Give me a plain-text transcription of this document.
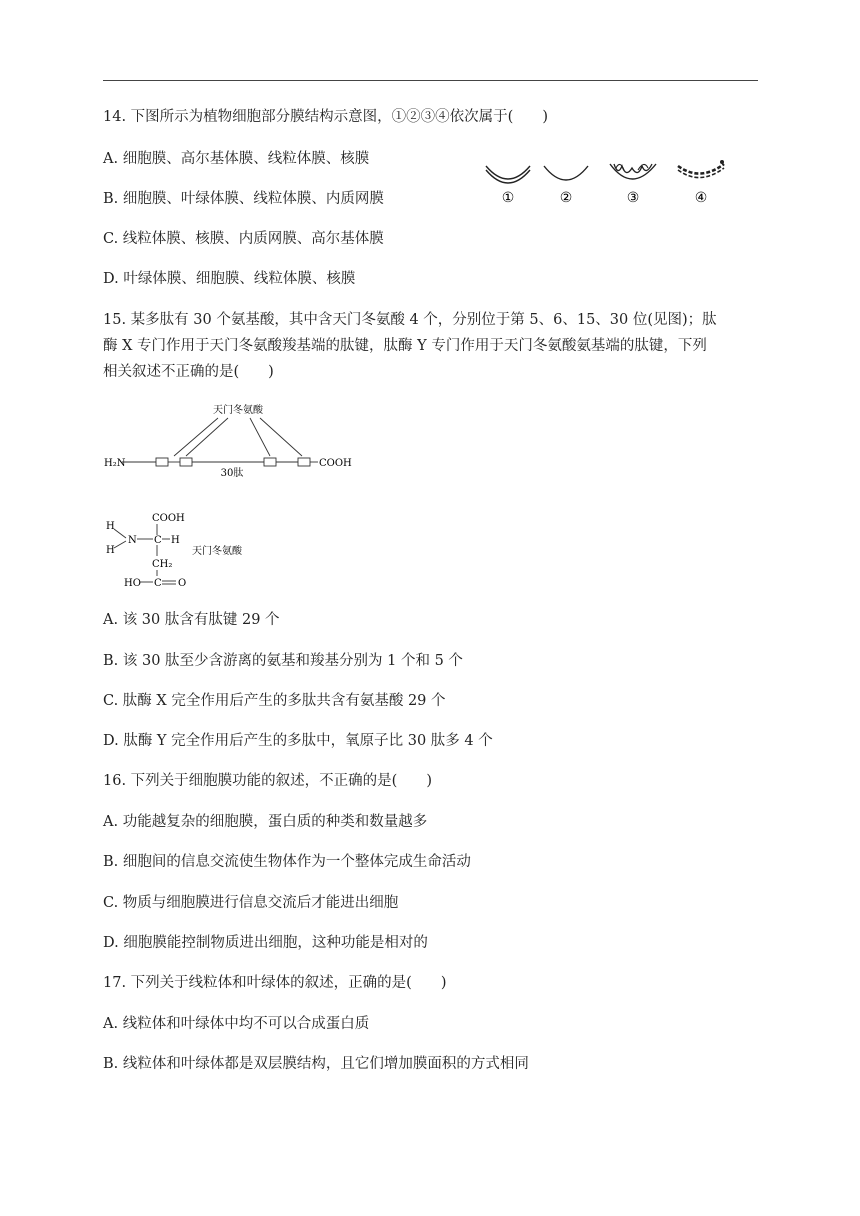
14. 下图所示为植物细胞部分膜结构示意图，①②③④依次属于(　　)
A. 细胞膜、高尔基体膜、线粒体膜、核膜
B. 细胞膜、叶绿体膜、线粒体膜、内质网膜
C. 线粒体膜、核膜、内质网膜、高尔基体膜
D. 叶绿体膜、细胞膜、线粒体膜、核膜
①	②	③	④
15. 某多肽有 30 个氨基酸，其中含天门冬氨酸 4 个，分别位于第 5、6、15、30 位(见图)；肽
酶 X 专门作用于天门冬氨酸羧基端的肽键，肽酶 Y 专门作用于天门冬氨酸氨基端的肽键，下列
相关叙述不正确的是(　　)
天门冬氨酸
H₂N	COOH
30肽
COOH
H
H
N C H
CH₂
HO C O
天门冬氨酸
A. 该 30 肽含有肽键 29 个
B. 该 30 肽至少含游离的氨基和羧基分别为 1 个和 5 个
C. 肽酶 X 完全作用后产生的多肽共含有氨基酸 29 个
D. 肽酶 Y 完全作用后产生的多肽中，氧原子比 30 肽多 4 个
16. 下列关于细胞膜功能的叙述，不正确的是(　　)
A. 功能越复杂的细胞膜，蛋白质的种类和数量越多
B. 细胞间的信息交流使生物体作为一个整体完成生命活动
C. 物质与细胞膜进行信息交流后才能进出细胞
D. 细胞膜能控制物质进出细胞，这种功能是相对的
17. 下列关于线粒体和叶绿体的叙述，正确的是(　　)
A. 线粒体和叶绿体中均不可以合成蛋白质
B. 线粒体和叶绿体都是双层膜结构，且它们增加膜面积的方式相同
